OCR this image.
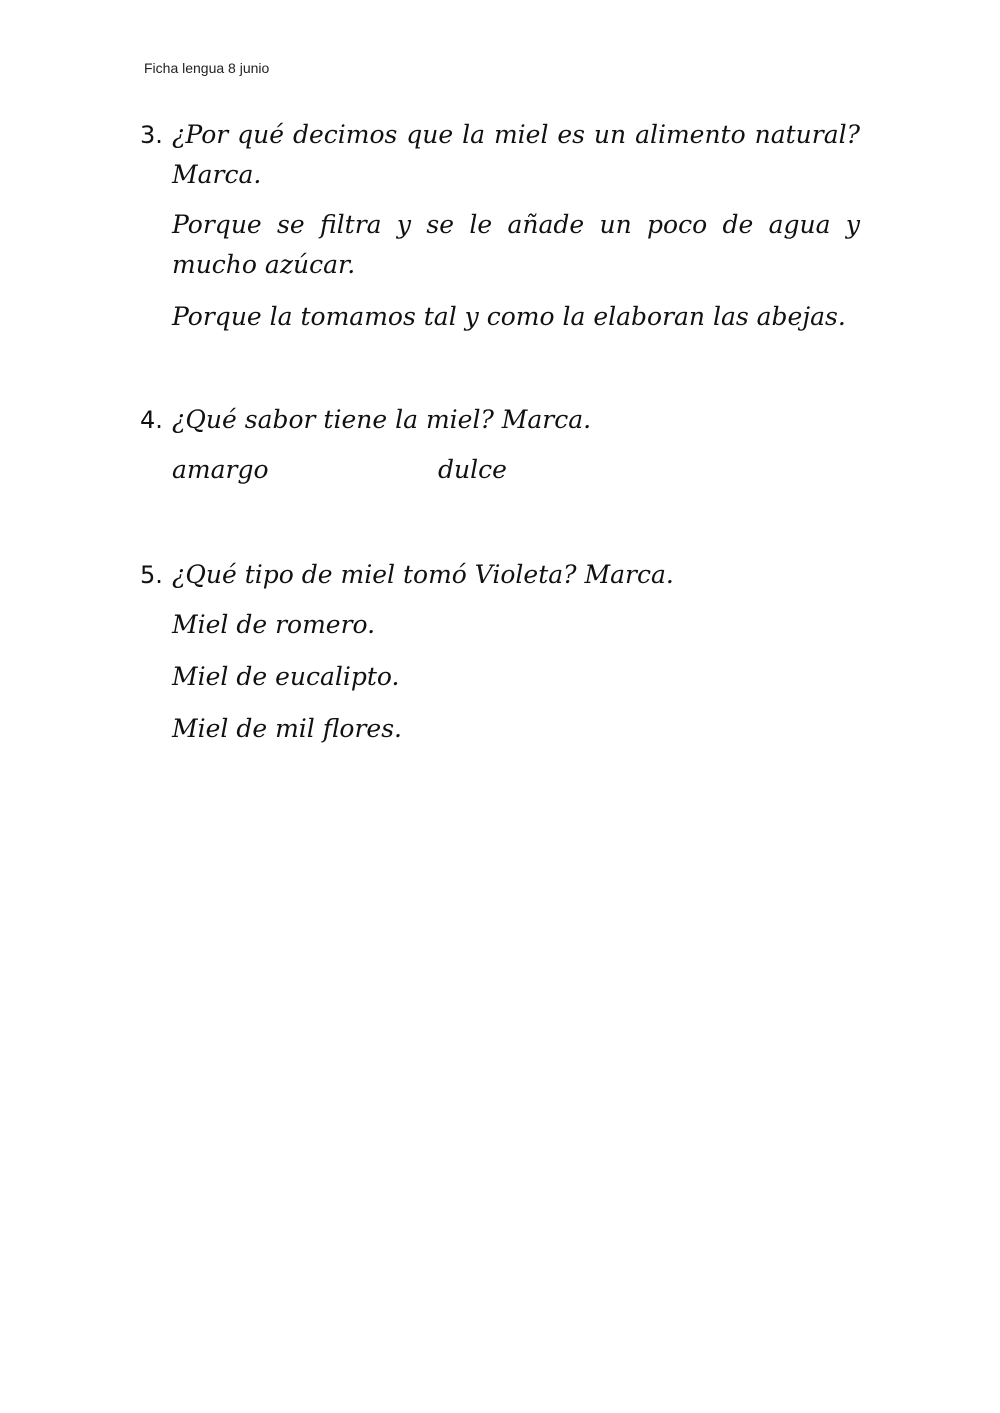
Ficha lengua 8 junio
3. ¿Por qué decimos que la miel es un alimento natural? Marca.
Porque se filtra y se le añade un poco de agua y mucho azúcar.
Porque la tomamos tal y como la elaboran las abejas.
4. ¿Qué sabor tiene la miel? Marca.
amargo	dulce
5. ¿Qué tipo de miel tomó Violeta? Marca.
Miel de romero.
Miel de eucalipto.
Miel de mil flores.
